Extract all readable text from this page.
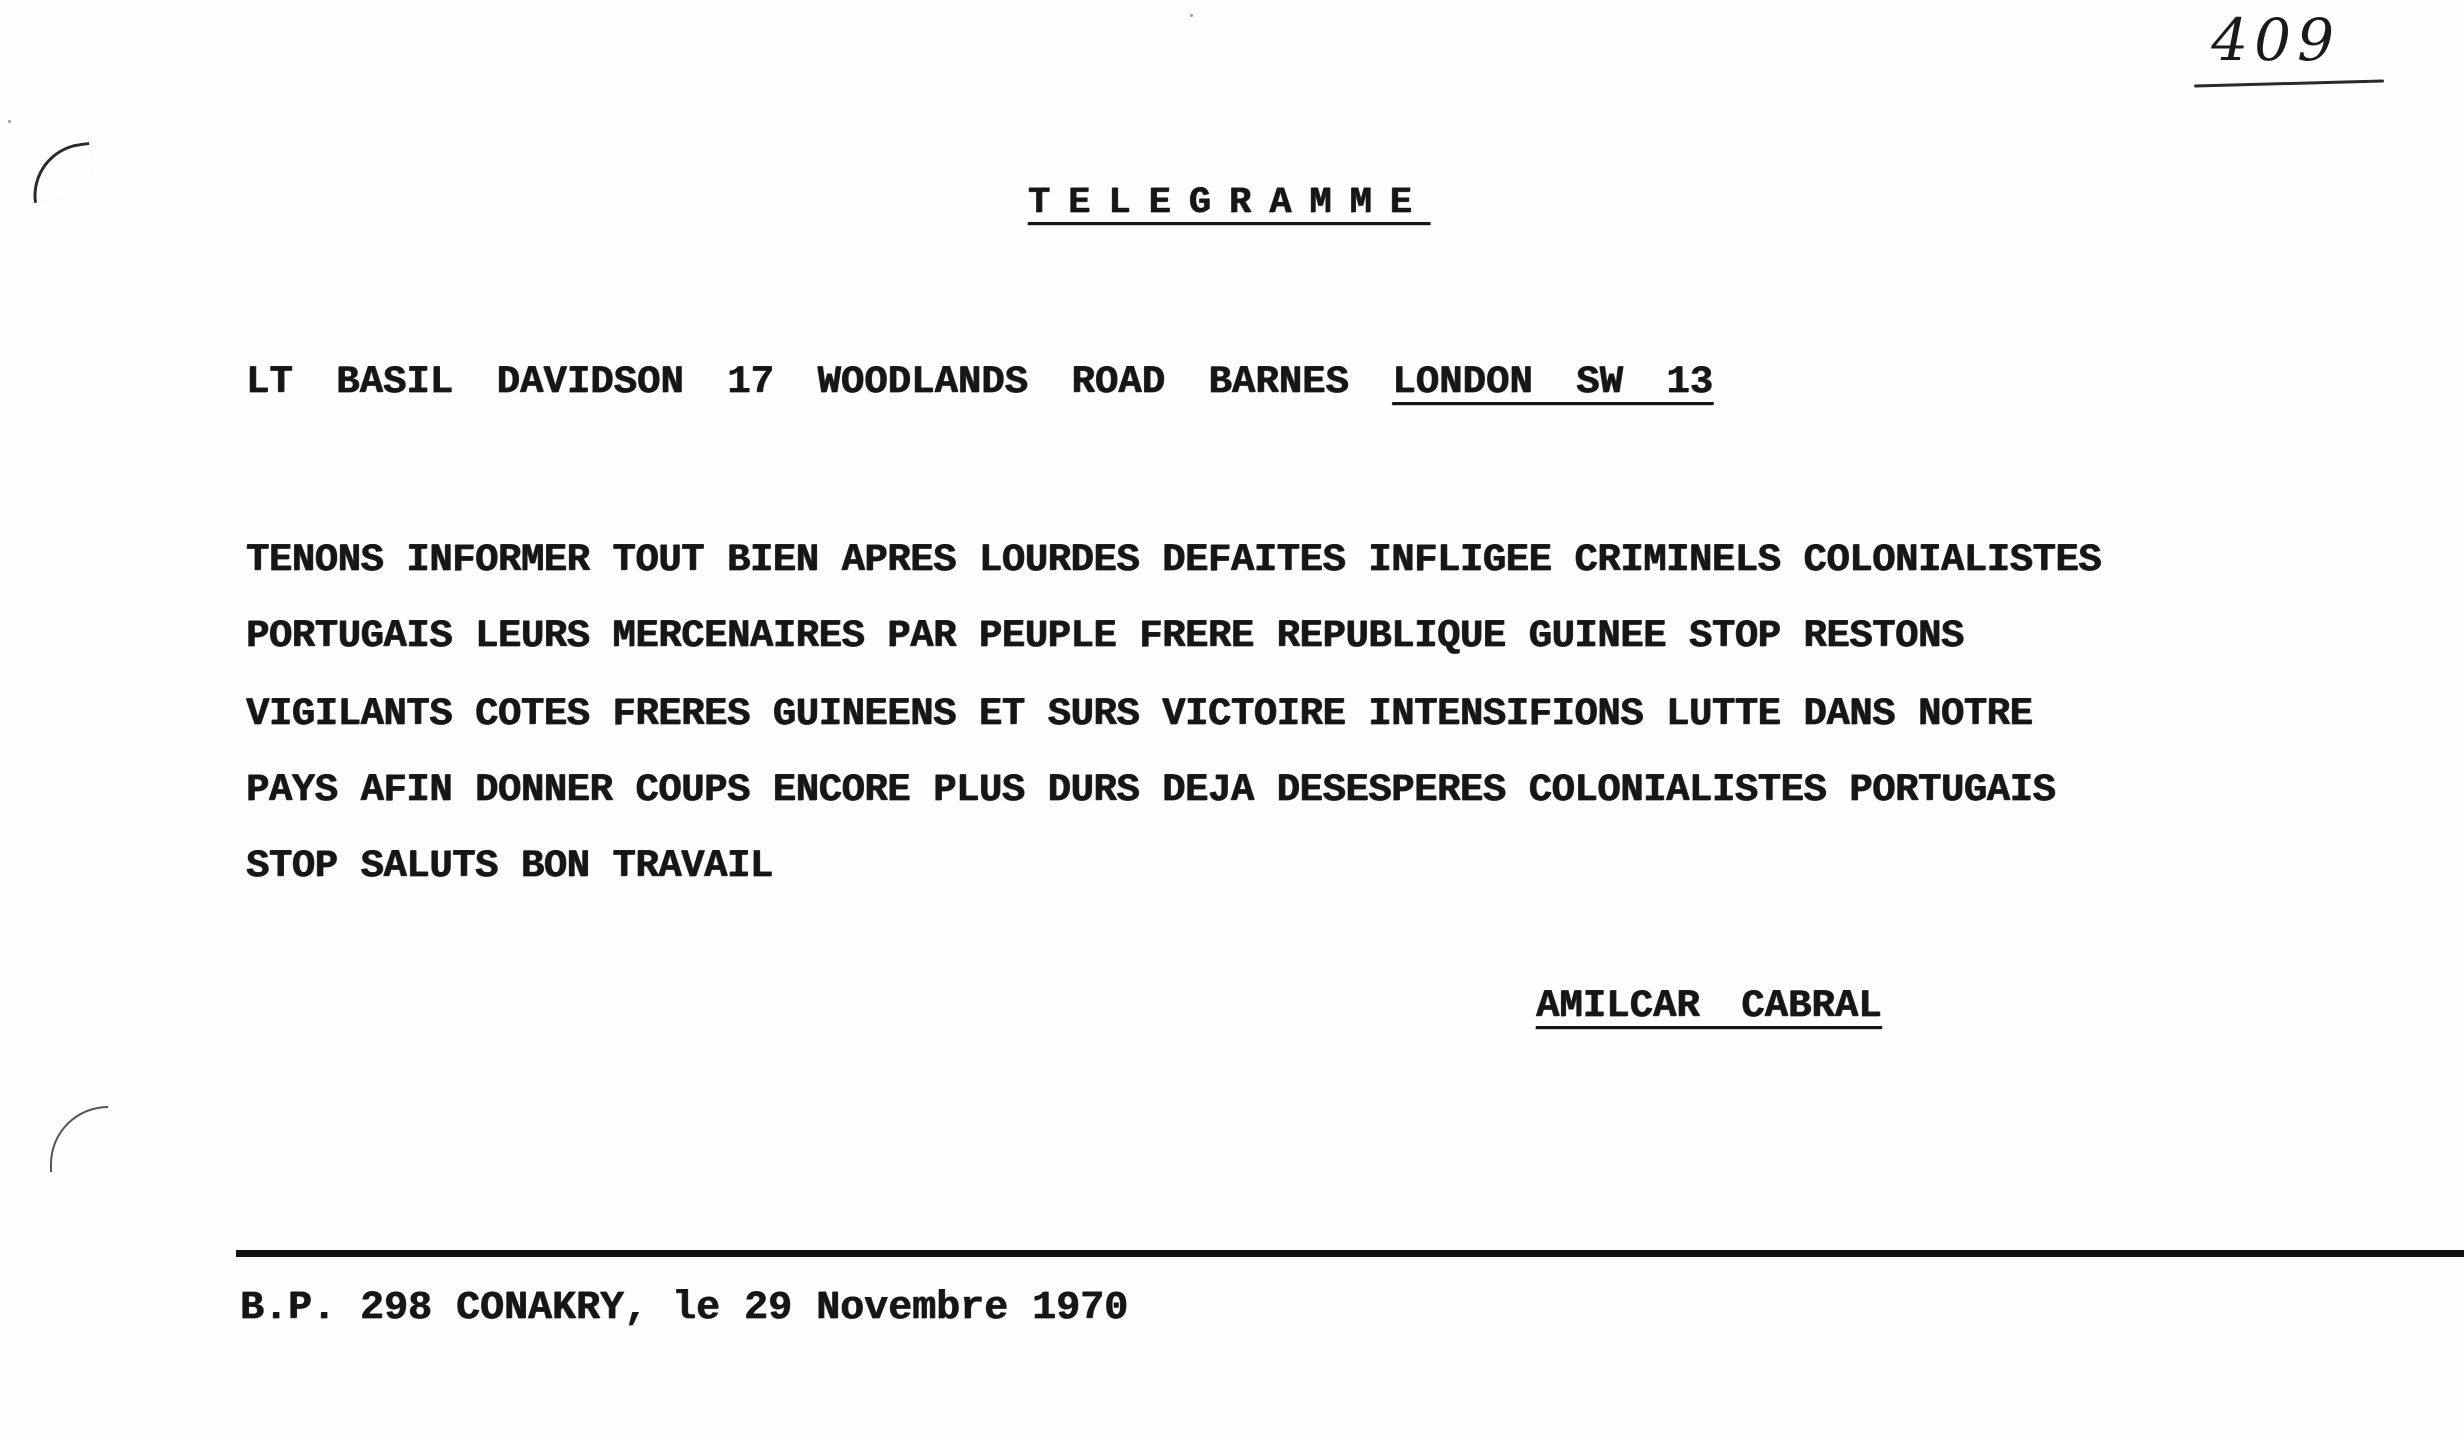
409
TELEGRAMME
LT BASIL DAVIDSON 17 WOODLANDS ROAD BARNES LONDON SW 13
TENONS INFORMER TOUT BIEN APRES LOURDES DEFAITES INFLIGEE CRIMINELS COLONIALISTES
PORTUGAIS LEURS MERCENAIRES PAR PEUPLE FRERE REPUBLIQUE GUINEE STOP RESTONS
VIGILANTS COTES FRERES GUINEENS ET SURS VICTOIRE INTENSIFIONS LUTTE DANS NOTRE
PAYS AFIN DONNER COUPS ENCORE PLUS DURS DEJA DESESPERES COLONIALISTES PORTUGAIS
STOP SALUTS BON TRAVAIL
AMILCAR CABRAL
B.P. 298 CONAKRY, le 29 Novembre 1970
